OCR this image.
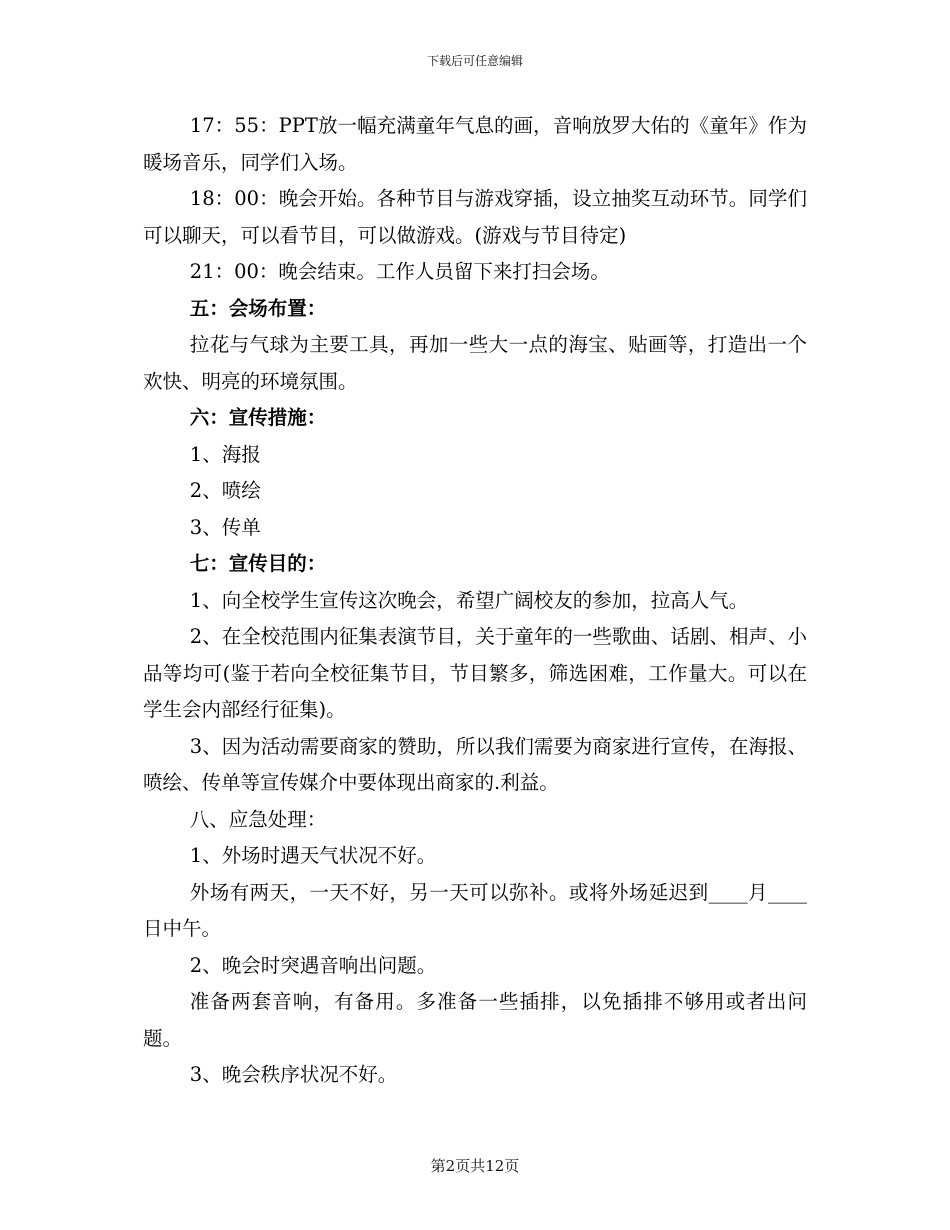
下载后可任意编辑

17：55：PPT放一幅充满童年气息的画，音响放罗大佑的《童年》作为暖场音乐，同学们入场。

18：00：晚会开始。各种节目与游戏穿插，设立抽奖互动环节。同学们可以聊天，可以看节目，可以做游戏。(游戏与节目待定)

21：00：晚会结束。工作人员留下来打扫会场。

五：会场布置：

拉花与气球为主要工具，再加一些大一点的海宝、贴画等，打造出一个欢快、明亮的环境氛围。

六：宣传措施：

1、海报

2、喷绘

3、传单

七：宣传目的：

1、向全校学生宣传这次晚会，希望广阔校友的参加，拉高人气。

2、在全校范围内征集表演节目，关于童年的一些歌曲、话剧、相声、小品等均可(鉴于若向全校征集节目，节目繁多，筛选困难，工作量大。可以在学生会内部经行征集)。

3、因为活动需要商家的赞助，所以我们需要为商家进行宣传，在海报、喷绘、传单等宣传媒介中要体现出商家的.利益。

八、应急处理：

1、外场时遇天气状况不好。

外场有两天，一天不好，另一天可以弥补。或将外场延迟到____月____日中午。

2、晚会时突遇音响出问题。

准备两套音响，有备用。多准备一些插排，以免插排不够用或者出问题。

3、晚会秩序状况不好。

第2页共12页
